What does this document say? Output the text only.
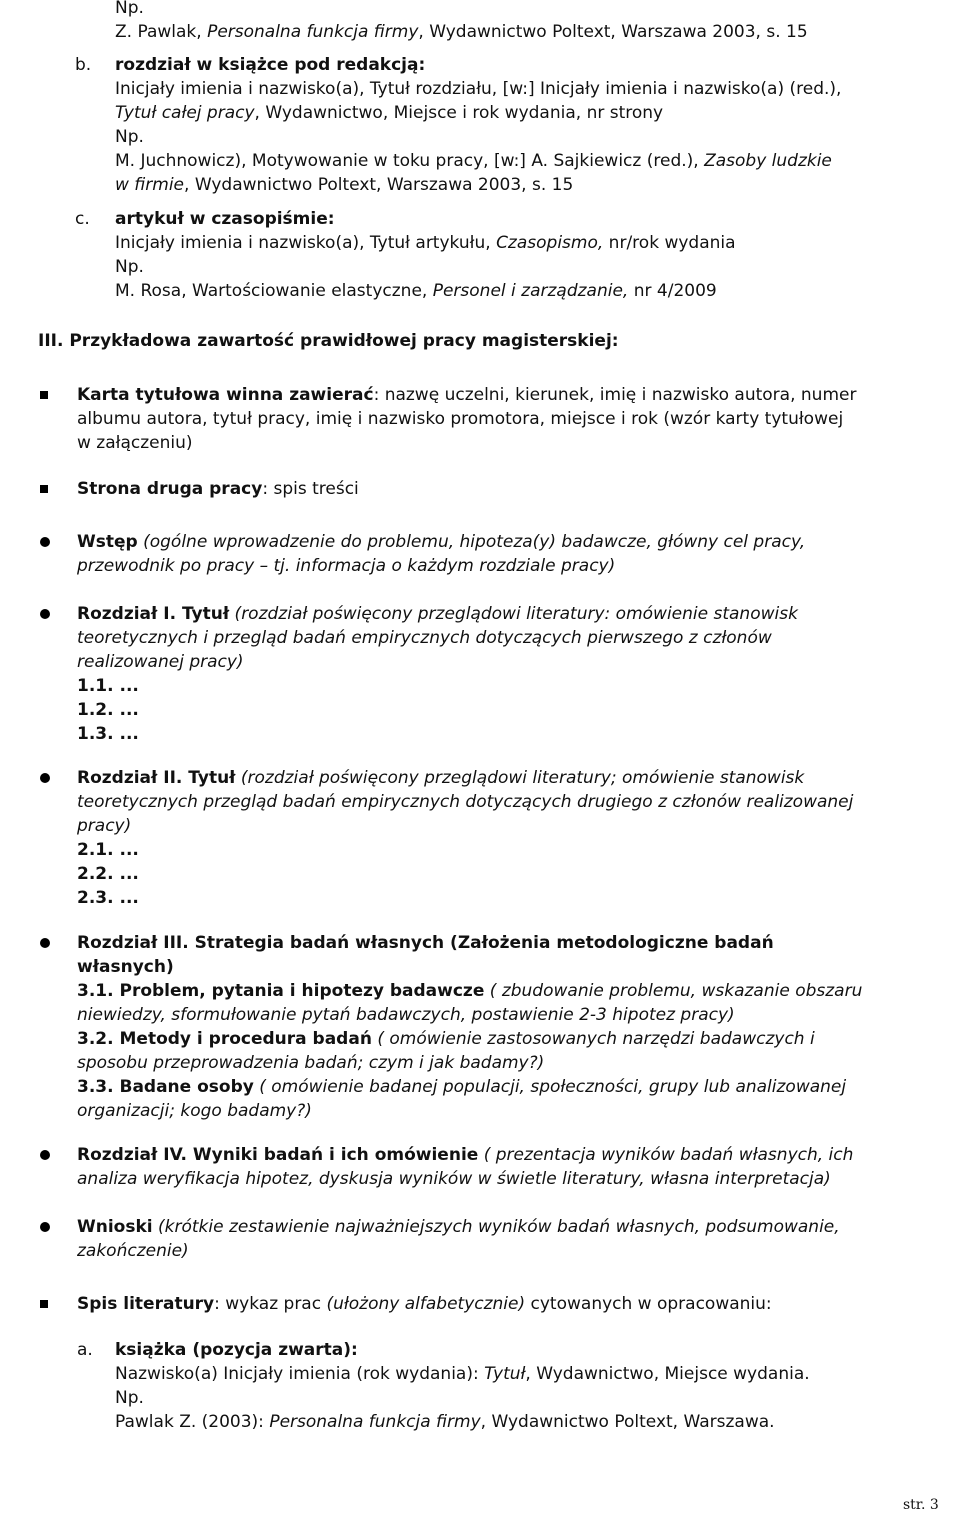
Np.
Z. Pawlak, Personalna funkcja firmy, Wydawnictwo Poltext, Warszawa 2003, s. 15
b. rozdział w książce pod redakcją:
Inicjały imienia i nazwisko(a), Tytuł rozdziału, [w:] Inicjały imienia i nazwisko(a) (red.),
Tytuł całej pracy, Wydawnictwo, Miejsce i rok wydania, nr strony
Np.
M. Juchnowicz), Motywowanie w toku pracy, [w:] A. Sajkiewicz (red.), Zasoby ludzkie
w firmie, Wydawnictwo Poltext, Warszawa 2003, s. 15
c. artykuł w czasopiśmie:
Inicjały imienia i nazwisko(a), Tytuł artykułu, Czasopismo, nr/rok wydania
Np.
M. Rosa, Wartościowanie elastyczne, Personel i zarządzanie, nr 4/2009
III. Przykładowa zawartość prawidłowej pracy magisterskiej:
Karta tytułowa winna zawierać: nazwę uczelni, kierunek, imię i nazwisko autora, numer
albumu autora, tytuł pracy, imię i nazwisko promotora, miejsce i rok (wzór karty tytułowej
w załączeniu)
Strona druga pracy: spis treści
Wstęp (ogólne wprowadzenie do problemu, hipoteza(y) badawcze, główny cel pracy,
przewodnik po pracy – tj. informacja o każdym rozdziale pracy)
Rozdział I. Tytuł (rozdział poświęcony przeglądowi literatury: omówienie stanowisk
teoretycznych i przegląd badań empirycznych dotyczących pierwszego z członów
realizowanej pracy)
1.1. ...
1.2. ...
1.3. ...
Rozdział II. Tytuł (rozdział poświęcony przeglądowi literatury; omówienie stanowisk
teoretycznych przegląd badań empirycznych dotyczących drugiego z członów realizowanej
pracy)
2.1. ...
2.2. ...
2.3. ...
Rozdział III. Strategia badań własnych (Założenia metodologiczne badań
własnych)
3.1. Problem, pytania i hipotezy badawcze ( zbudowanie problemu, wskazanie obszaru
niewiedzy, sformułowanie pytań badawczych, postawienie 2-3 hipotez pracy)
3.2. Metody i procedura badań ( omówienie zastosowanych narzędzi badawczych i
sposobu przeprowadzenia badań; czym i jak badamy?)
3.3. Badane osoby ( omówienie badanej populacji, społeczności, grupy lub analizowanej
organizacji; kogo badamy?)
Rozdział IV. Wyniki badań i ich omówienie ( prezentacja wyników badań własnych, ich
analiza weryfikacja hipotez, dyskusja wyników w świetle literatury, własna interpretacja)
Wnioski (krótkie zestawienie najważniejszych wyników badań własnych, podsumowanie,
zakończenie)
Spis literatury: wykaz prac (ułożony alfabetycznie) cytowanych w opracowaniu:
a. książka (pozycja zwarta):
Nazwisko(a) Inicjały imienia (rok wydania): Tytuł, Wydawnictwo, Miejsce wydania.
Np.
Pawlak Z. (2003): Personalna funkcja firmy, Wydawnictwo Poltext, Warszawa.
str. 3
